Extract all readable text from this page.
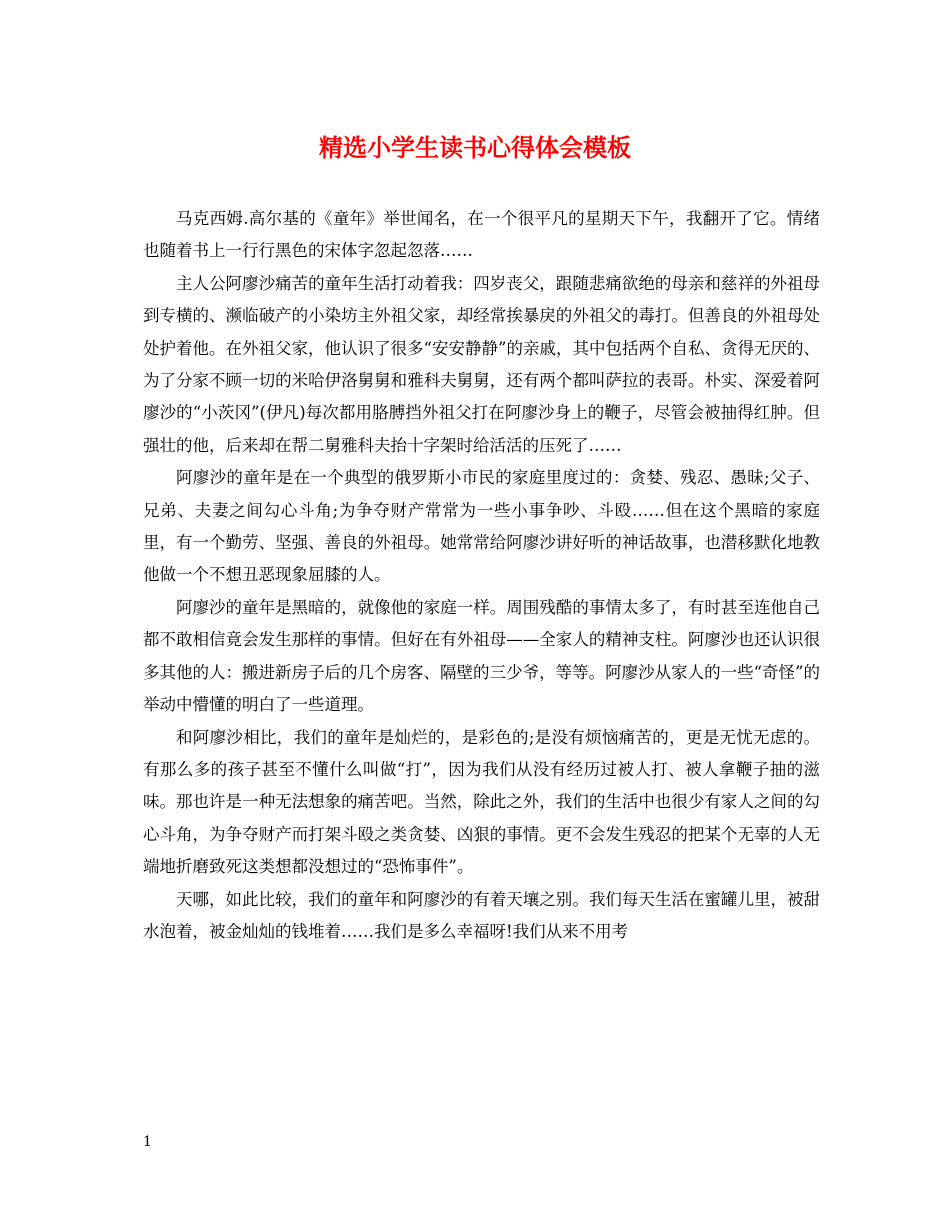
精选小学生读书心得体会模板

马克西姆.高尔基的《童年》举世闻名，在一个很平凡的星期天下午，我翻开了它。情绪也随着书上一行行黑色的宋体字忽起忽落……

主人公阿廖沙痛苦的童年生活打动着我：四岁丧父，跟随悲痛欲绝的母亲和慈祥的外祖母到专横的、濒临破产的小染坊主外祖父家，却经常挨暴戾的外祖父的毒打。但善良的外祖母处处护着他。在外祖父家，他认识了很多“安安静静”的亲戚，其中包括两个自私、贪得无厌的、为了分家不顾一切的米哈伊洛舅舅和雅科夫舅舅，还有两个都叫萨拉的表哥。朴实、深爱着阿廖沙的“小茨冈”(伊凡)每次都用胳膊挡外祖父打在阿廖沙身上的鞭子，尽管会被抽得红肿。但强壮的他，后来却在帮二舅雅科夫抬十字架时给活活的压死了……

阿廖沙的童年是在一个典型的俄罗斯小市民的家庭里度过的：贪婪、残忍、愚昧;父子、兄弟、夫妻之间勾心斗角;为争夺财产常常为一些小事争吵、斗殴……但在这个黑暗的家庭里，有一个勤劳、坚强、善良的外祖母。她常常给阿廖沙讲好听的神话故事，也潜移默化地教他做一个不想丑恶现象屈膝的人。

阿廖沙的童年是黑暗的，就像他的家庭一样。周围残酷的事情太多了，有时甚至连他自己都不敢相信竟会发生那样的事情。但好在有外祖母——全家人的精神支柱。阿廖沙也还认识很多其他的人：搬进新房子后的几个房客、隔壁的三少爷，等等。阿廖沙从家人的一些“奇怪”的举动中懵懂的明白了一些道理。

和阿廖沙相比，我们的童年是灿烂的，是彩色的;是没有烦恼痛苦的，更是无忧无虑的。有那么多的孩子甚至不懂什么叫做“打”，因为我们从没有经历过被人打、被人拿鞭子抽的滋味。那也许是一种无法想象的痛苦吧。当然，除此之外，我们的生活中也很少有家人之间的勾心斗角，为争夺财产而打架斗殴之类贪婪、凶狠的事情。更不会发生残忍的把某个无辜的人无端地折磨致死这类想都没想过的“恐怖事件”。

天哪，如此比较，我们的童年和阿廖沙的有着天壤之别。我们每天生活在蜜罐儿里，被甜水泡着，被金灿灿的钱堆着……我们是多么幸福呀!我们从来不用考

1
